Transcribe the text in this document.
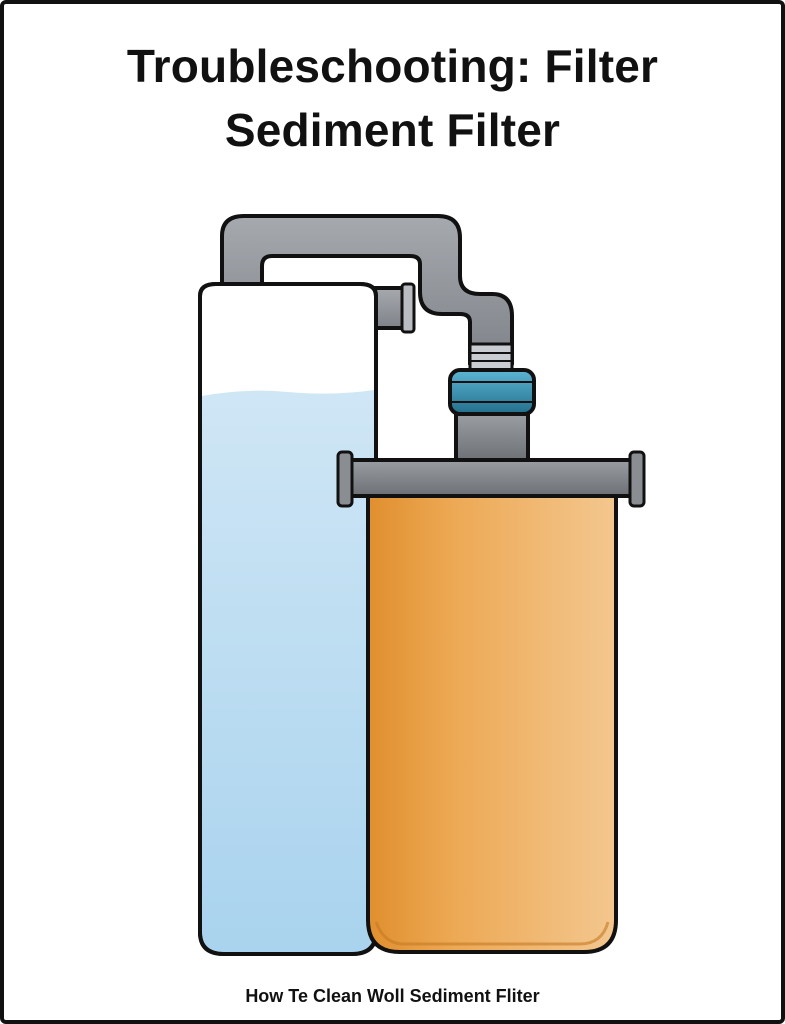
Troubleschooting: Filter
Sediment Filter
How Te Clean Woll Sediment Fliter
